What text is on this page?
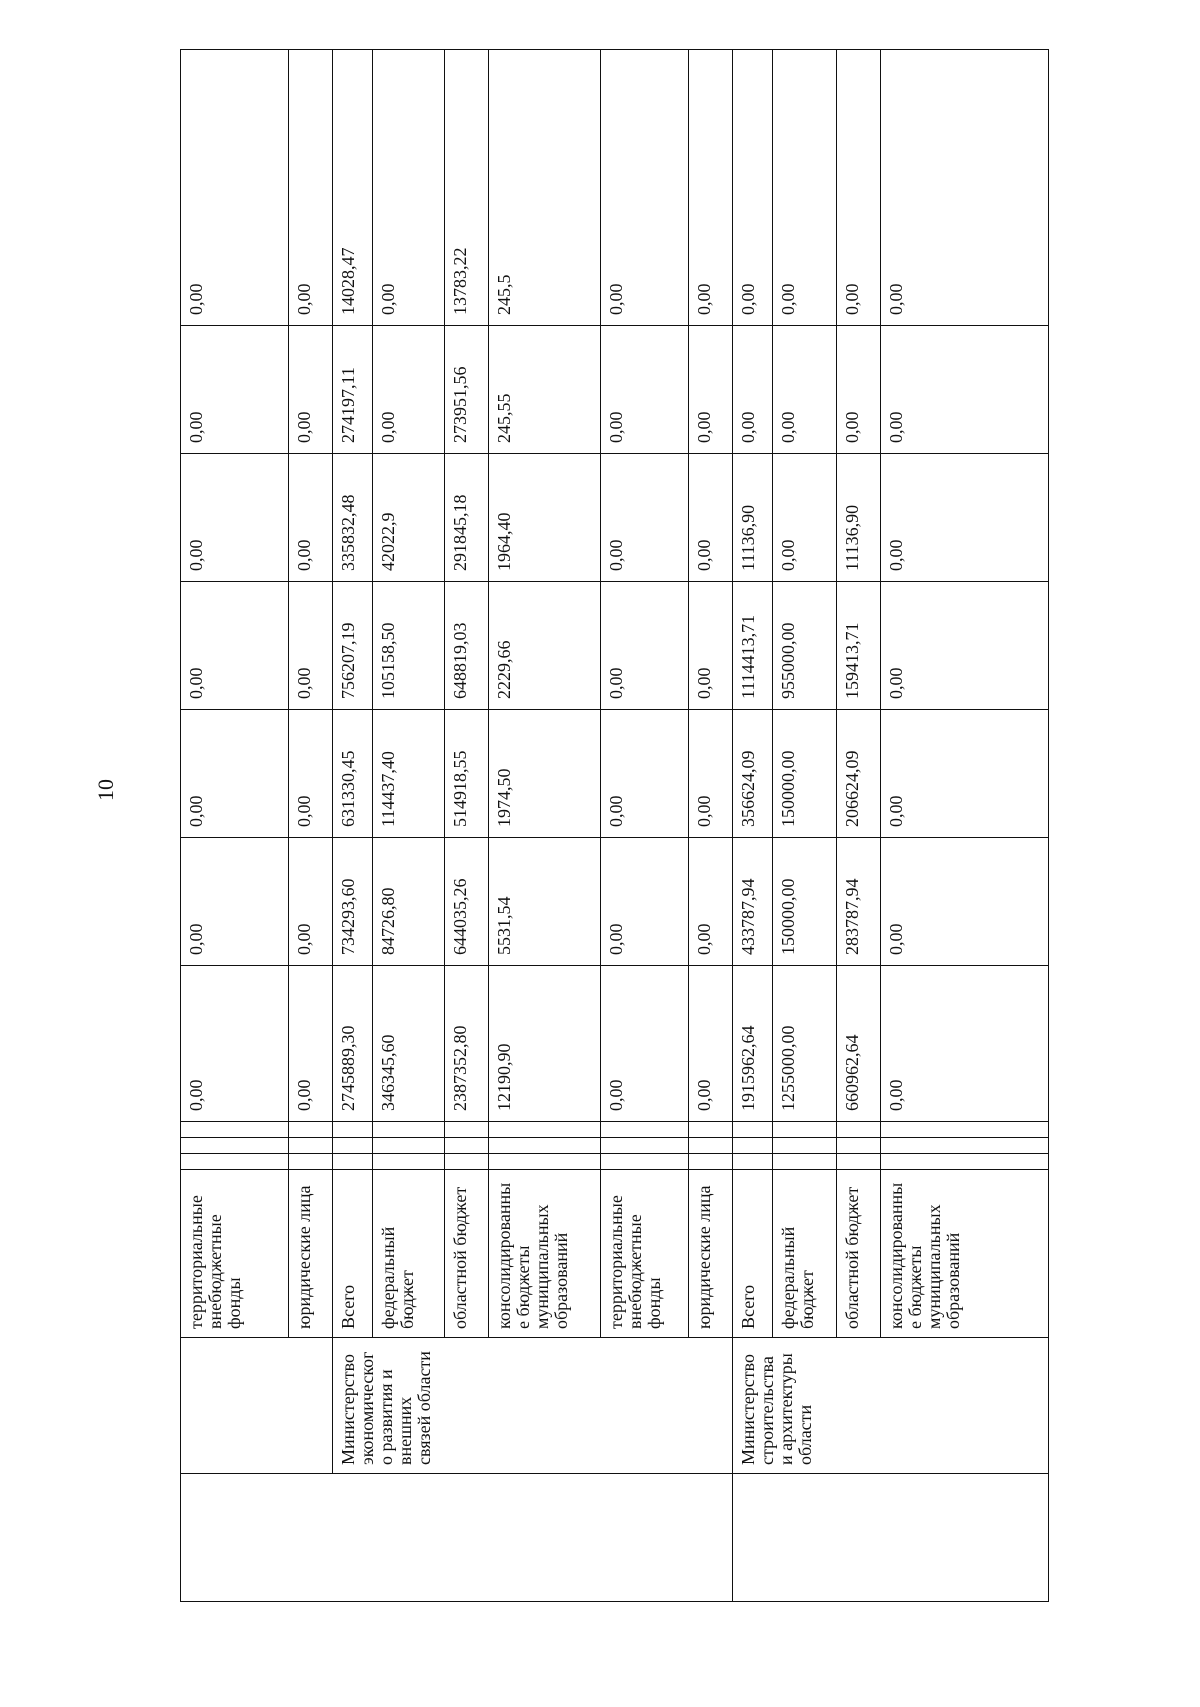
10
		территориальные внебюджетные фонды				0,00	0,00	0,00	0,00	0,00	0,00	0,00
		юридические лица				0,00	0,00	0,00	0,00	0,00	0,00	0,00
	Министерство экономическог о развития и внешних связей области	Всего				2745889,30	734293,60	631330,45	756207,19	335832,48	274197,11	14028,47
		федеральный бюджет				346345,60	84726,80	114437,40	105158,50	42022,9	0,00	0,00
		областной бюджет				2387352,80	644035,26	514918,55	648819,03	291845,18	273951,56	13783,22
		консолидированные бюджеты муниципальных образований				12190,90	5531,54	1974,50	2229,66	1964,40	245,55	245,5
		территориальные внебюджетные фонды				0,00	0,00	0,00	0,00	0,00	0,00	0,00
		юридические лица				0,00	0,00	0,00	0,00	0,00	0,00	0,00
	Министерство строительства и архитектуры области	Всего				1915962,64	433787,94	356624,09	1114413,71	11136,90	0,00	0,00
		федеральный бюджет				1255000,00	150000,00	150000,00	955000,00	0,00	0,00	0,00
		областной бюджет				660962,64	283787,94	206624,09	159413,71	11136,90	0,00	0,00
		консолидированные бюджеты муниципальных образований				0,00	0,00	0,00	0,00	0,00	0,00	0,00
